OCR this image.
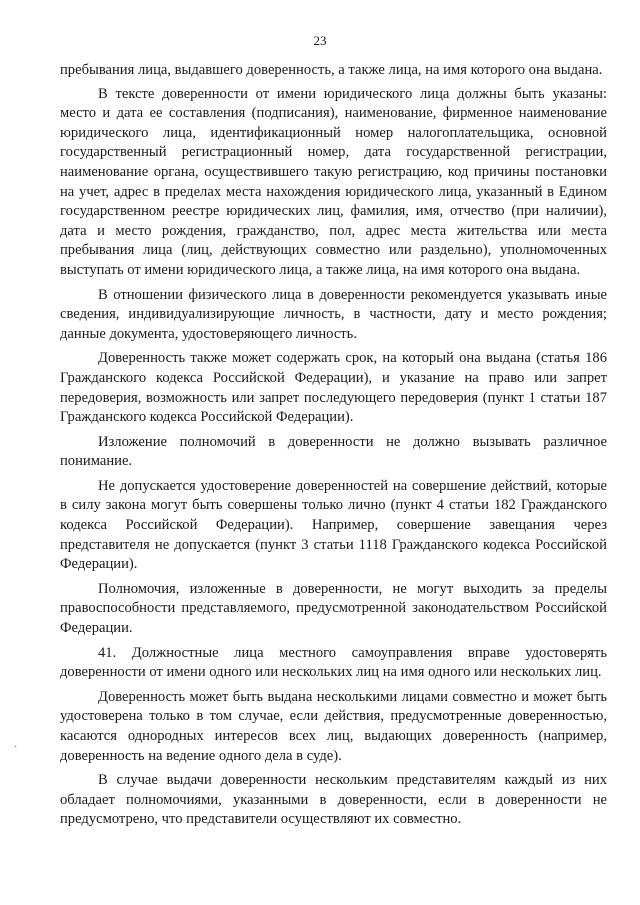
23

пребывания лица, выдавшего доверенность, а также лица, на имя которого она выдана.

В тексте доверенности от имени юридического лица должны быть указаны: место и дата ее составления (подписания), наименование, фирменное наименование юридического лица, идентификационный номер налогоплательщика, основной государственный регистрационный номер, дата государственной регистрации, наименование органа, осуществившего такую регистрацию, код причины постановки на учет, адрес в пределах места нахождения юридического лица, указанный в Едином государственном реестре юридических лиц, фамилия, имя, отчество (при наличии), дата и место рождения, гражданство, пол, адрес места жительства или места пребывания лица (лиц, действующих совместно или раздельно), уполномоченных выступать от имени юридического лица, а также лица, на имя которого она выдана.

В отношении физического лица в доверенности рекомендуется указывать иные сведения, индивидуализирующие личность, в частности, дату и место рождения; данные документа, удостоверяющего личность.

Доверенность также может содержать срок, на который она выдана (статья 186 Гражданского кодекса Российской Федерации), и указание на право или запрет передоверия, возможность или запрет последующего передоверия (пункт 1 статьи 187 Гражданского кодекса Российской Федерации).

Изложение полномочий в доверенности не должно вызывать различное понимание.

Не допускается удостоверение доверенностей на совершение действий, которые в силу закона могут быть совершены только лично (пункт 4 статьи 182 Гражданского кодекса Российской Федерации). Например, совершение завещания через представителя не допускается (пункт 3 статьи 1118 Гражданского кодекса Российской Федерации).

Полномочия, изложенные в доверенности, не могут выходить за пределы правоспособности представляемого, предусмотренной законодательством Российской Федерации.

41. Должностные лица местного самоуправления вправе удостоверять доверенности от имени одного или нескольких лиц на имя одного или нескольких лиц.

Доверенность может быть выдана несколькими лицами совместно и может быть удостоверена только в том случае, если действия, предусмотренные доверенностью, касаются однородных интересов всех лиц, выдающих доверенность (например, доверенность на ведение одного дела в суде).

В случае выдачи доверенности нескольким представителям каждый из них обладает полномочиями, указанными в доверенности, если в доверенности не предусмотрено, что представители осуществляют их совместно.

·
